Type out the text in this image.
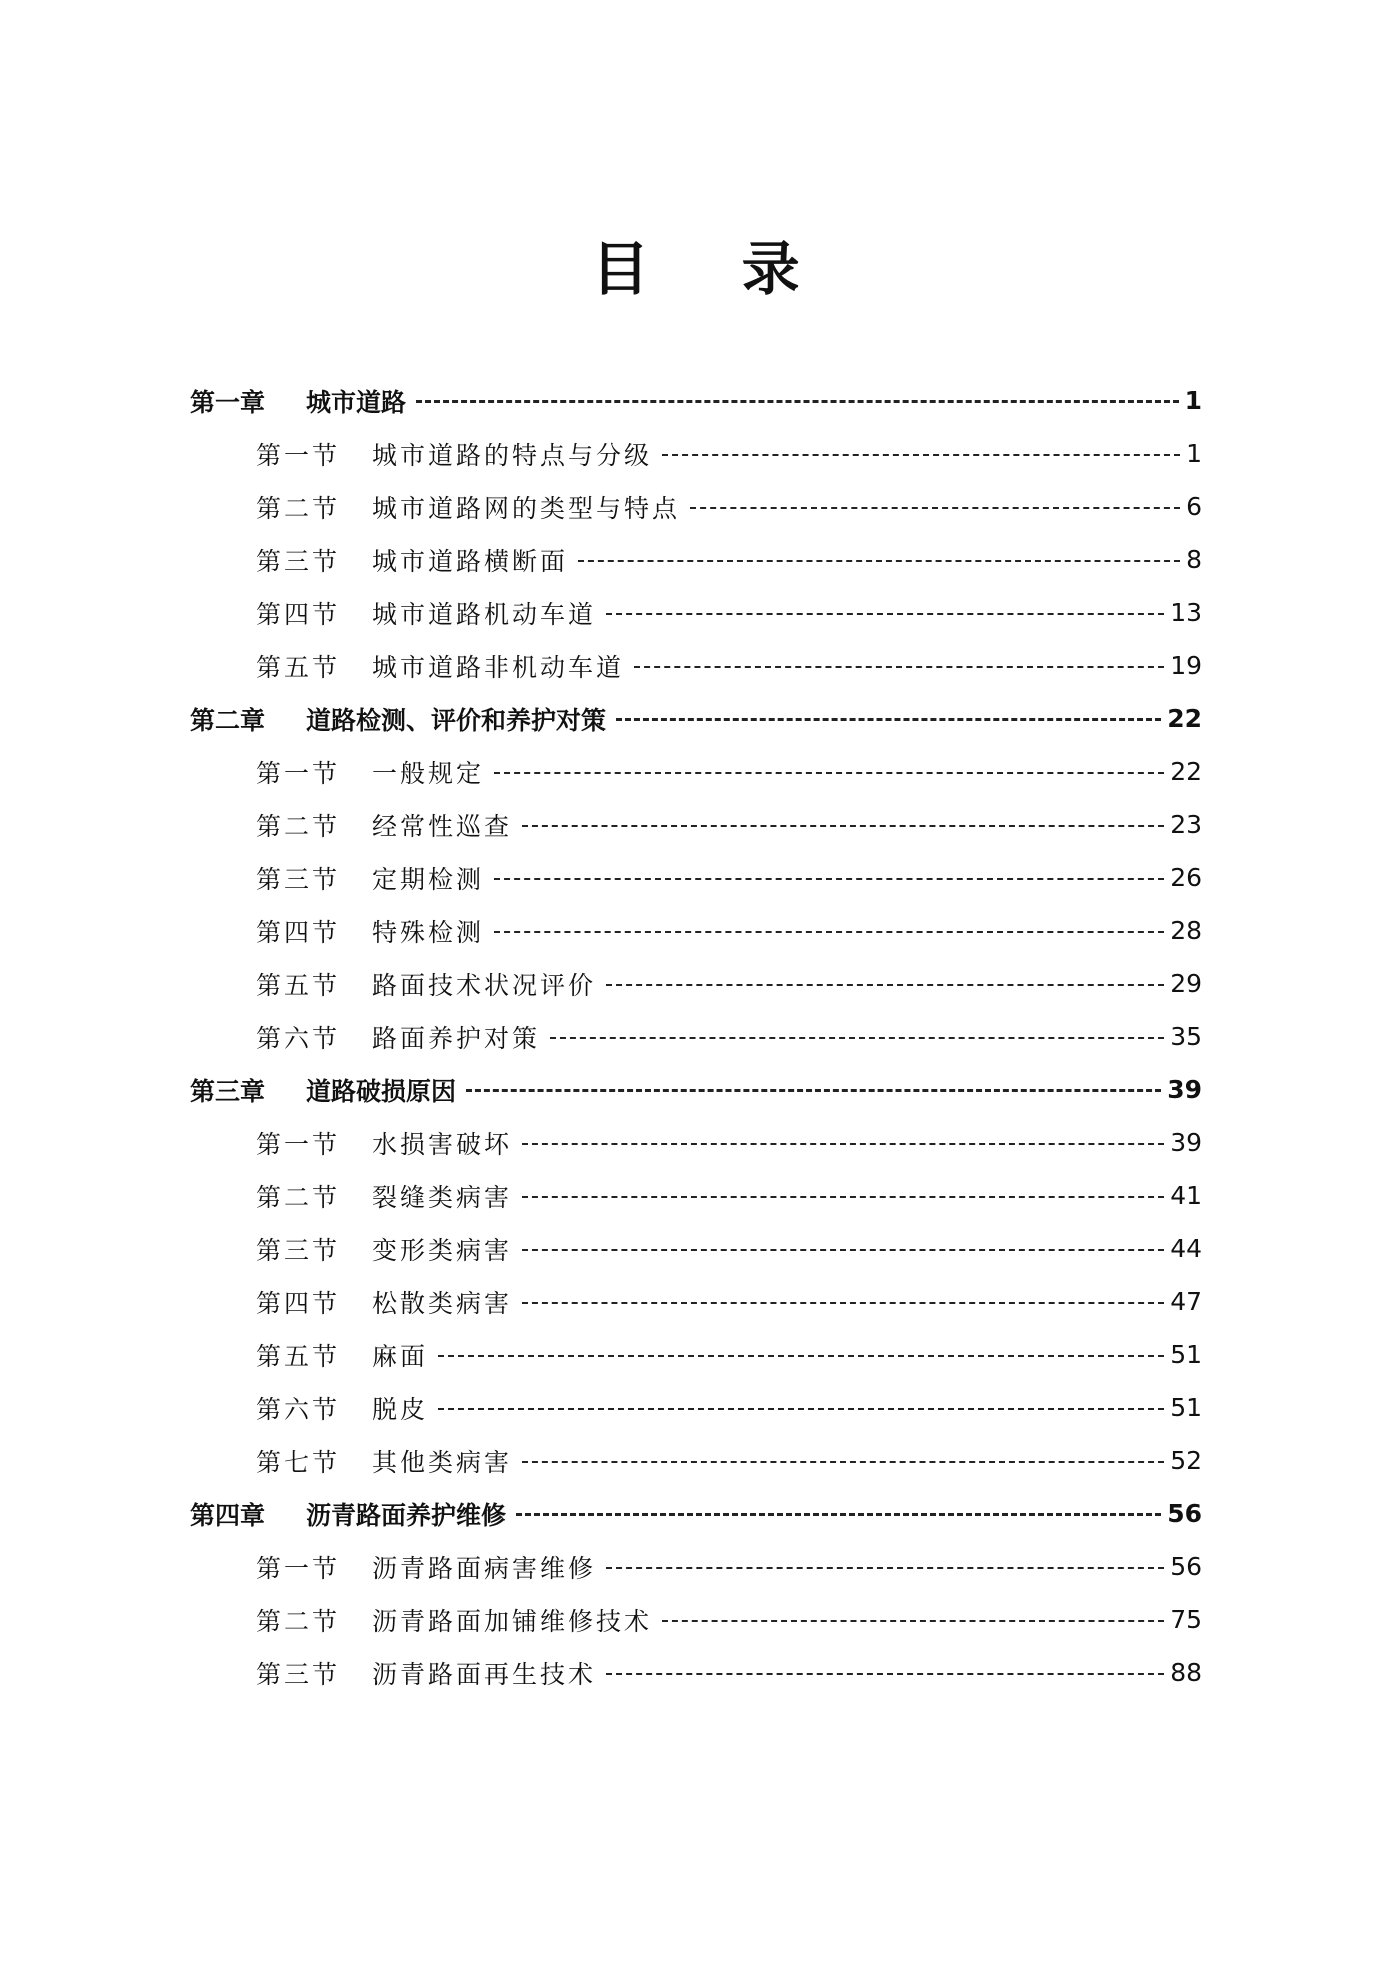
目 录
第一章	城市道路	1
第一节	城市道路的特点与分级	1
第二节	城市道路网的类型与特点	6
第三节	城市道路横断面	8
第四节	城市道路机动车道	13
第五节	城市道路非机动车道	19
第二章	道路检测、评价和养护对策	22
第一节	一般规定	22
第二节	经常性巡查	23
第三节	定期检测	26
第四节	特殊检测	28
第五节	路面技术状况评价	29
第六节	路面养护对策	35
第三章	道路破损原因	39
第一节	水损害破坏	39
第二节	裂缝类病害	41
第三节	变形类病害	44
第四节	松散类病害	47
第五节	麻面	51
第六节	脱皮	51
第七节	其他类病害	52
第四章	沥青路面养护维修	56
第一节	沥青路面病害维修	56
第二节	沥青路面加铺维修技术	75
第三节	沥青路面再生技术	88
